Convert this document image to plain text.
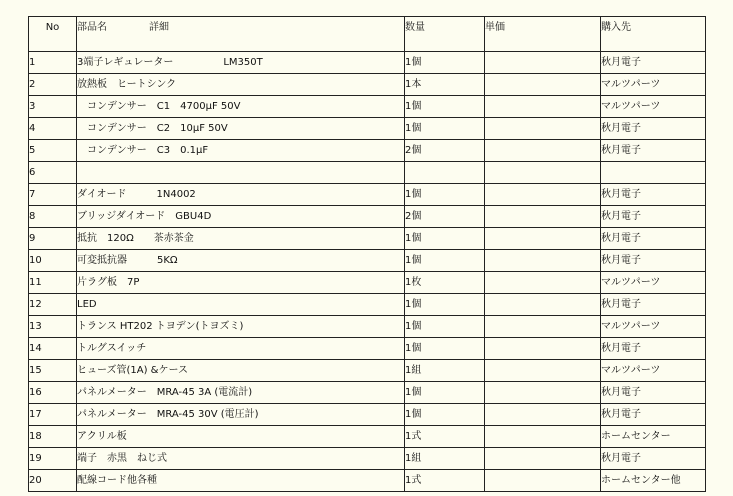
No	部品名 詳細	数量	単価	購入先
1	3端子レギュレーター　　　　　LM350T	1個		秋月電子
2	放熱板　ヒートシンク	1本		マルツパーツ
3	　コンデンサー　C1　4700μF 50V	1個		マルツパーツ
4	　コンデンサー　C2　10μF 50V	1個		秋月電子
5	　コンデンサー　C3　0.1μF	2個		秋月電子
6				
7	ダイオード　　　1N4002	1個		秋月電子
8	ブリッジダイオード　GBU4D	2個		秋月電子
9	抵抗　120Ω　　茶赤茶金	1個		秋月電子
10	可変抵抗器　　　5KΩ	1個		秋月電子
11	片ラグ板　7P	1枚		マルツパーツ
12	LED	1個		秋月電子
13	トランス HT202 トヨデン(トヨズミ)	1個		マルツパーツ
14	トルグスイッチ	1個		秋月電子
15	ヒューズ管(1A) &ケース	1組		マルツパーツ
16	パネルメーター　MRA-45 3A (電流計)	1個		秋月電子
17	パネルメーター　MRA-45 30V (電圧計)	1個		秋月電子
18	アクリル板	1式		ホームセンター
19	端子　赤黒　ねじ式	1組		秋月電子
20	配線コード他各種	1式		ホームセンター他
